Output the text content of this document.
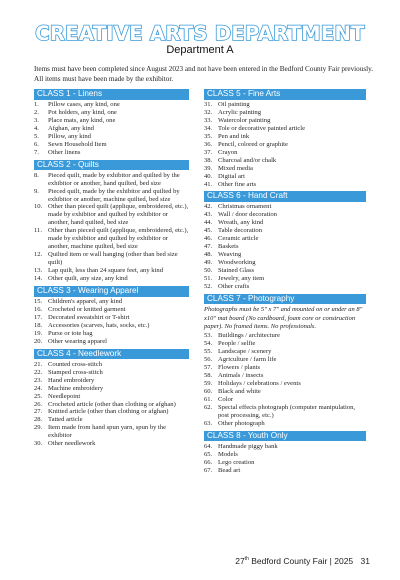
CREATIVE ARTS DEPARTMENT
Department A
Items must have been completed since August 2023 and not have been entered in the Bedford County Fair previously. All items must have been made by the exhibitor.
CLASS 1 - Linens
1.	Pillow cases, any kind, one
2.	Pot holders, any kind, one
3.	Place mats, any kind, one
4.	Afghan, any kind
5.	Pillow, any kind
6.	Sewn Household Item
7.	Other linens
CLASS 2 - Quilts
8.	Pieced quilt, made by exhibitor and quilted by the exhibitor or another, hand quilted, bed size
9.	Pieced quilt, made by the exhibitor and quilted by exhibitor or another, machine quilted, bed size
10. Other than pieced quilt (applique, embroidered, etc.), made by exhibitor and quilted by exhibitor or another, hand quilted, bed size
11. Other than pieced quilt (applique, embroidered, etc.), made by exhibitor and quilted by exhibitor or another, machine quilted, bed size
12. Quilted item or wall hanging (other than bed size quilt)
13. Lap quilt, less than 24 square feet, any kind
14. Other quilt, any size, any kind
CLASS 3 - Wearing Apparel
15. Children's apparel, any kind
16. Crocheted or knitted garment
17. Decorated sweatshirt or T-shirt
18. Accessories (scarves, hats, socks, etc.)
19. Purse or tote bag
20. Other wearing apparel
CLASS 4 - Needlework
21. Counted cross-stitch
22. Stamped cross-stitch
23. Hand embroidery
24. Machine embroidery
25. Needlepoint
26. Crocheted article (other than clothing or afghan)
27. Knitted article (other than clothing or afghan)
28. Tatted article
29. Item made from hand spun yarn, spun by the exhibitor
30. Other needlework
CLASS 5 - Fine Arts
31. Oil painting
32. Acrylic painting
33. Watercolor painting
34. Tole or decorative painted article
35. Pen and ink
36. Pencil, colored or graphite
37. Crayon
38. Charcoal and/or chalk
39. Mixed media
40. Digital art
41. Other fine arts
CLASS 6 - Hand Craft
42. Christmas ornament
43. Wall / door decoration
44. Wreath, any kind
45. Table decoration
46. Ceramic article
47. Baskets
48. Weaving
49. Woodworking
50. Stained Glass
51. Jewelry, any item
52. Other crafts
CLASS 7 - Photography
Photographs must be 5" x 7" and mounted on or under an 8" x10" mat board (No cardboard, foam core or construction paper). No framed items. No professionals.
53. Buildings / architecture
54. People / selfie
55. Landscape / scenery
56. Agriculture / farm life
57. Flowers / plants
58. Animals / insects
59. Holidays / celebrations / events
60. Black and white
61. Color
62. Special effects photograph (computer manipulation, post processing, etc.)
63. Other photograph
CLASS 8 - Youth Only
64. Handmade piggy bank
65. Models
66. Lego creation
67. Bead art
27th Bedford County Fair | 2025 31
